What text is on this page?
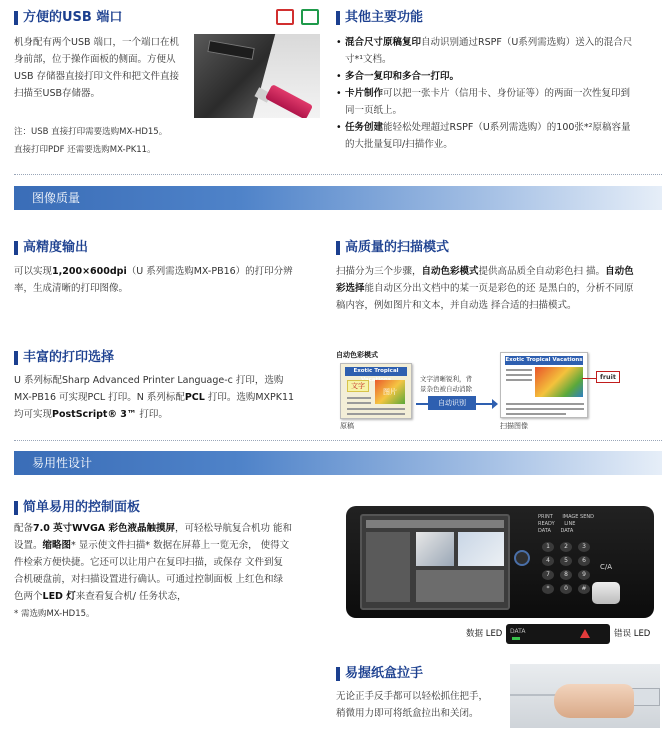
方便的USB 端口
机身配有两个USB 端口，一个端口在机身前部，位于操作面板的侧面。方便从USB 存储器直接打印文件和把文件直接扫描至USB存储器。
注：USB 直接打印需要选购MX-HD15。
直接打印PDF 还需要选购MX-PK11。
其他主要功能
• 混合尺寸原稿复印自动识别通过RSPF（U系列需选购）送入的混合尺寸*¹文档。
• 多合一复印和多合一打印。
• 卡片制作可以把一张卡片（信用卡、身份证等）的两面一次性复印到同一页纸上。
• 任务创建能轻松处理超过RSPF（U系列需选购）的100张*²原稿容量的大批量复印/扫描作业。
图像质量
高精度输出
可以实现1,200×600dpi（U 系列需选购MX-PB16）的打印分辨率，生成清晰的打印图像。
高质量的扫描模式
扫描分为三个步骤，自动色彩模式提供高品质全自动彩色扫 描。自动色彩选择能自动区分出文档中的某一页是彩色的还 是黑白的，分析不同原稿内容，例如图片和文本，并自动选 择合适的扫描模式。
丰富的打印选择
U 系列标配Sharp Advanced Printer Language-c 打印，选购
MX-PB16 可实现PCL 打印。N 系列标配PCL 打印。选购MXPK11
均可实现PostScript® 3™ 打印。
自动色彩模式
Exotic Tropical
文字
图片
文字清晰锐利，背
景杂色被自动消除
自动识别
Exotic Tropical Vacations
fruit
原稿	扫描图像
易用性设计
简单易用的控制面板
配备7.0 英寸WVGA 彩色液晶触摸屏，可轻松导航复合机功 能和
设置。缩略图* 显示使文件扫描* 数据在屏幕上一览无余， 使得文
件检索方便快捷。它还可以让用户在复印扫描，或保存 文件到复
合机硬盘前，对扫描设置进行确认。可通过控制面板 上红色和绿
色两个LED 灯来查看复合机/ 任务状态，
* 需选购MX-HD15。
PRINT IMAGE SEND
READY LINE
DATA DATA
1	2	3
4	5	6
7	8	9
*	0	#
C/A
DATA
数据 LED	错误 LED
易握纸盒拉手
无论正手反手都可以轻松抓住把手，
稍微用力即可将纸盒拉出和关闭。
